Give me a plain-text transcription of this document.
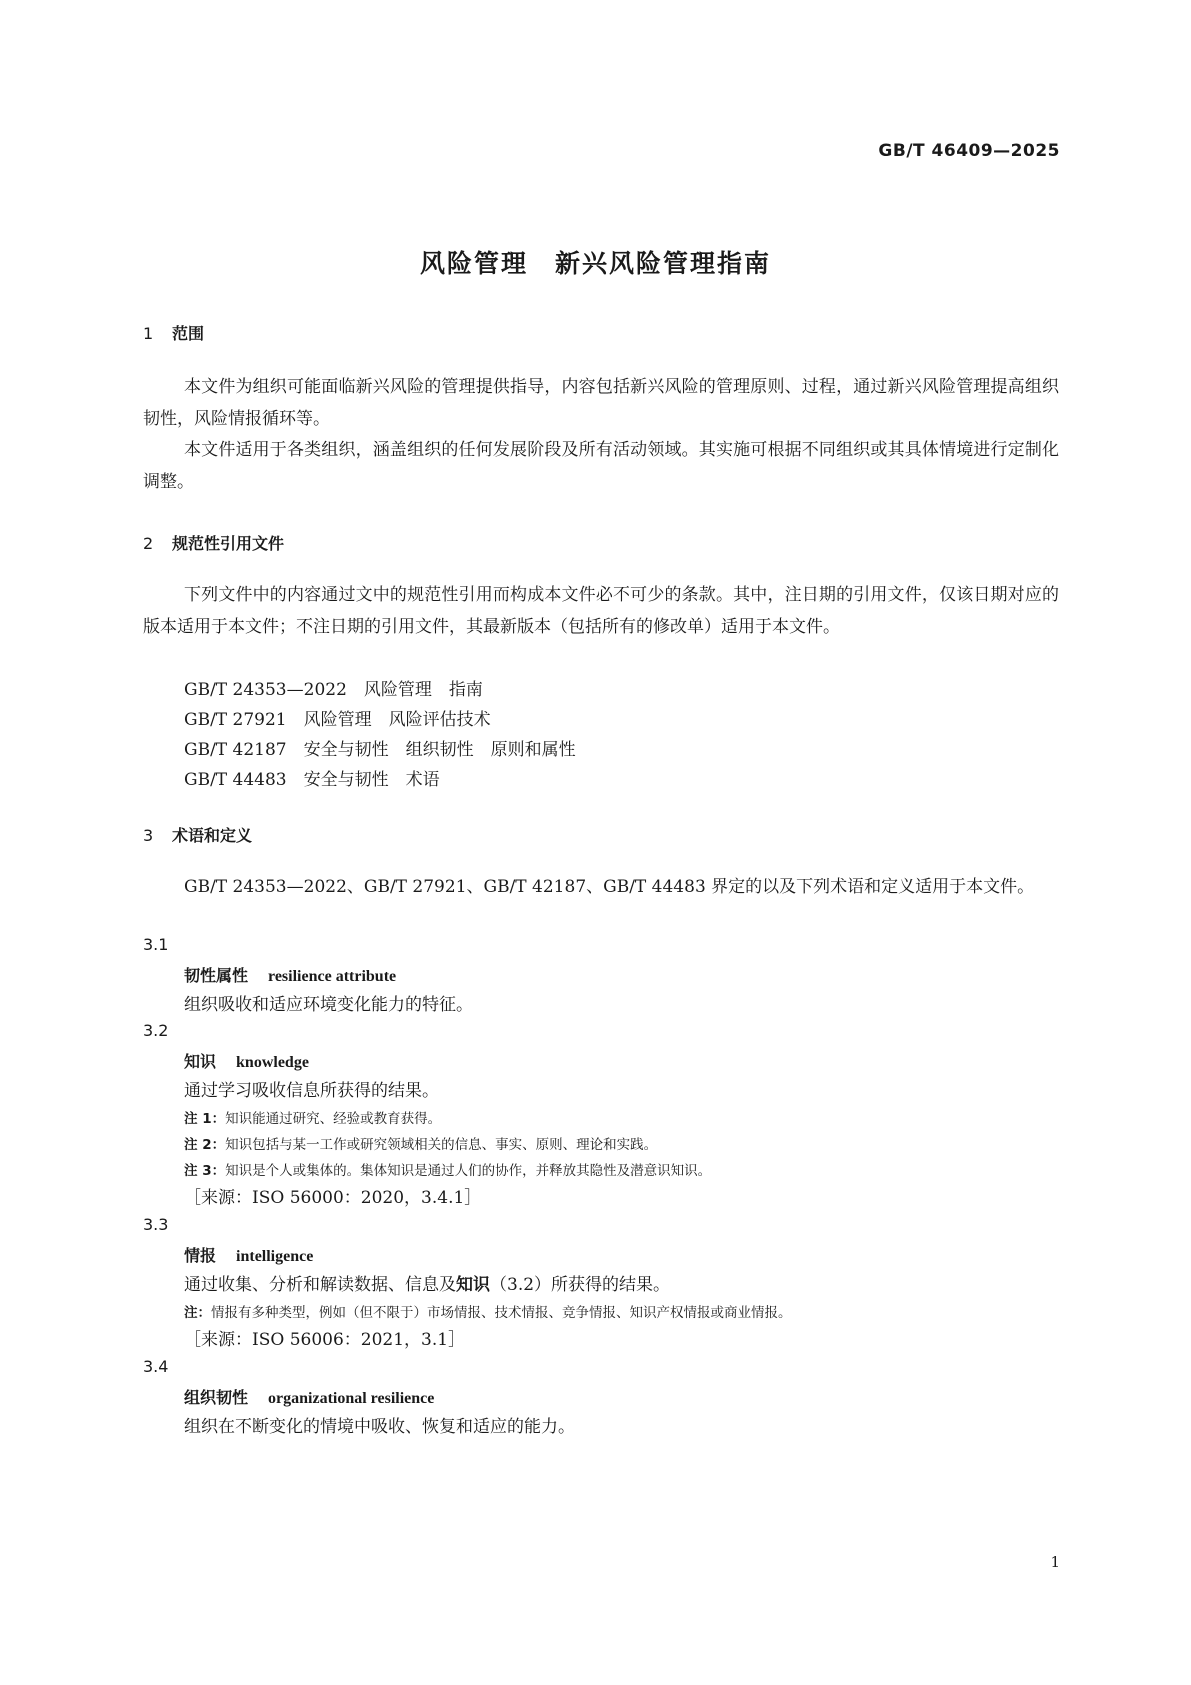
GB/T 46409—2025
风险管理　新兴风险管理指南
1 范围
本文件为组织可能面临新兴风险的管理提供指导，内容包括新兴风险的管理原则、过程，通过新兴风险管理提高组织韧性，风险情报循环等。
本文件适用于各类组织，涵盖组织的任何发展阶段及所有活动领域。其实施可根据不同组织或其具体情境进行定制化调整。
2 规范性引用文件
下列文件中的内容通过文中的规范性引用而构成本文件必不可少的条款。其中，注日期的引用文件，仅该日期对应的版本适用于本文件；不注日期的引用文件，其最新版本（包括所有的修改单）适用于本文件。
GB/T 24353—2022　风险管理　指南
GB/T 27921　风险管理　风险评估技术
GB/T 42187　安全与韧性　组织韧性　原则和属性
GB/T 44483　安全与韧性　术语
3 术语和定义
GB/T 24353—2022、GB/T 27921、GB/T 42187、GB/T 44483 界定的以及下列术语和定义适用于本文件。
3.1
韧性属性 resilience attribute
组织吸收和适应环境变化能力的特征。
3.2
知识 knowledge
通过学习吸收信息所获得的结果。
注 1：知识能通过研究、经验或教育获得。
注 2：知识包括与某一工作或研究领域相关的信息、事实、原则、理论和实践。
注 3：知识是个人或集体的。集体知识是通过人们的协作，并释放其隐性及潜意识知识。
［来源：ISO 56000：2020，3.4.1］
3.3
情报 intelligence
通过收集、分析和解读数据、信息及知识（3.2）所获得的结果。
注：情报有多种类型，例如（但不限于）市场情报、技术情报、竞争情报、知识产权情报或商业情报。
［来源：ISO 56006：2021，3.1］
3.4
组织韧性 organizational resilience
组织在不断变化的情境中吸收、恢复和适应的能力。
1
